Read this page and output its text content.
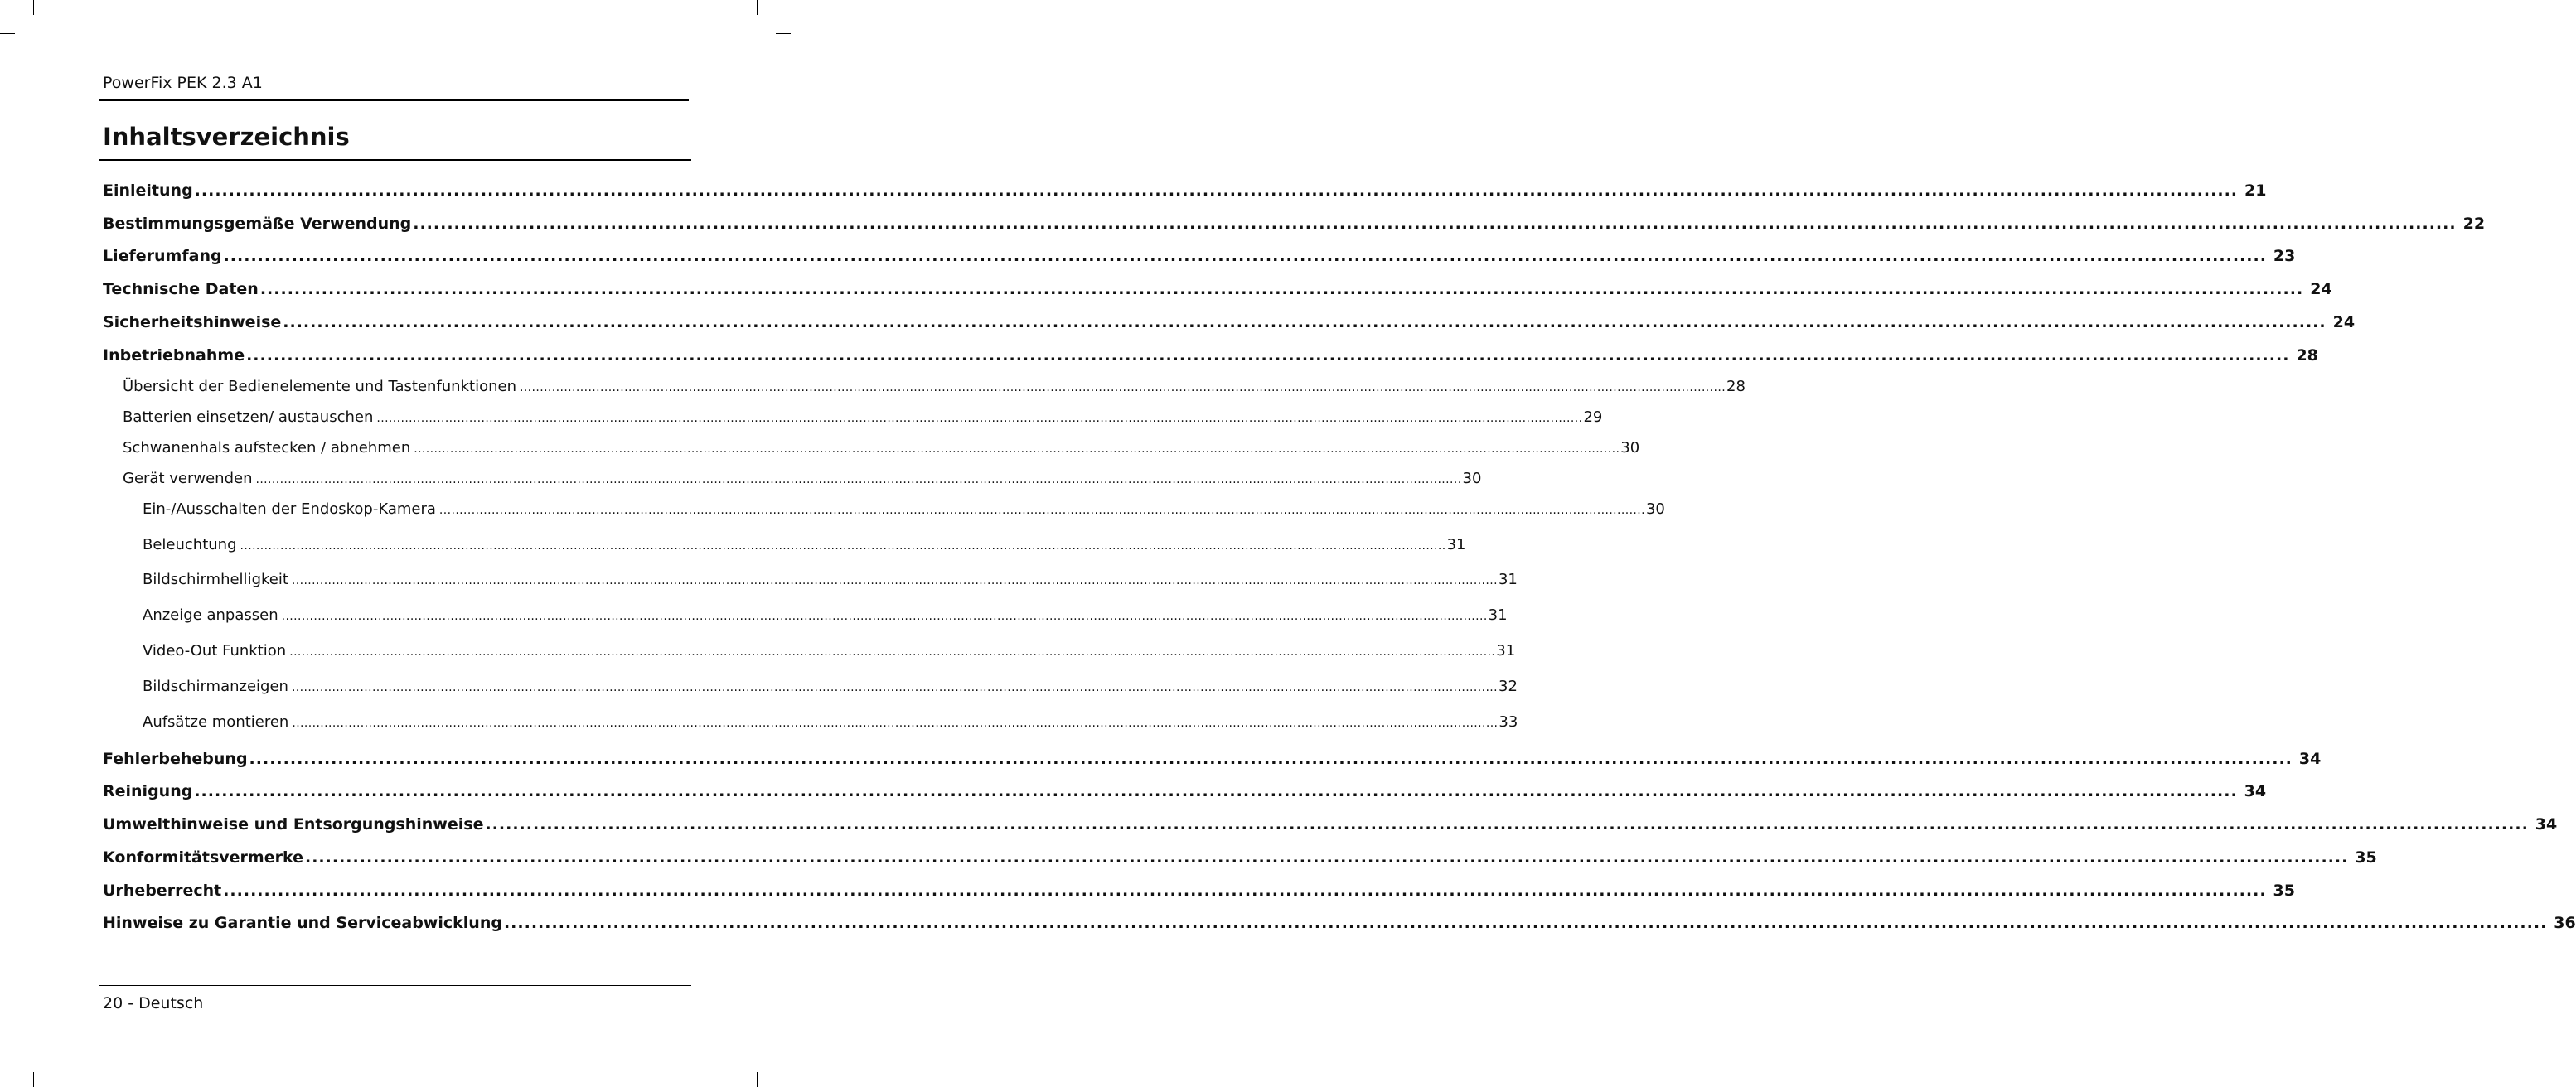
PowerFix PEK 2.3 A1
Inhaltsverzeichnis
Einleitung ............................................................................................................................................................................................................................................................................................................ 21
Bestimmungsgemäße Verwendung ............................................................................................................................................................................................................................................................................................................ 22
Lieferumfang ............................................................................................................................................................................................................................................................................................................ 23
Technische Daten ............................................................................................................................................................................................................................................................................................................ 24
Sicherheitshinweise ............................................................................................................................................................................................................................................................................................................ 24
Inbetriebnahme ............................................................................................................................................................................................................................................................................................................ 28
Übersicht der Bedienelemente und Tastenfunktionen ............................................................................................................................................................................................................................................................................................................ 28
Batterien einsetzen/ austauschen ............................................................................................................................................................................................................................................................................................................ 29
Schwanenhals aufstecken / abnehmen ............................................................................................................................................................................................................................................................................................................ 30
Gerät verwenden ............................................................................................................................................................................................................................................................................................................ 30
Ein-/Ausschalten der Endoskop-Kamera ............................................................................................................................................................................................................................................................................................................ 30
Beleuchtung ............................................................................................................................................................................................................................................................................................................ 31
Bildschirmhelligkeit ............................................................................................................................................................................................................................................................................................................ 31
Anzeige anpassen ............................................................................................................................................................................................................................................................................................................ 31
Video-Out Funktion ............................................................................................................................................................................................................................................................................................................ 31
Bildschirmanzeigen ............................................................................................................................................................................................................................................................................................................ 32
Aufsätze montieren ............................................................................................................................................................................................................................................................................................................ 33
Fehlerbehebung ............................................................................................................................................................................................................................................................................................................ 34
Reinigung ............................................................................................................................................................................................................................................................................................................ 34
Umwelthinweise und Entsorgungshinweise ............................................................................................................................................................................................................................................................................................................ 34
Konformitätsvermerke ............................................................................................................................................................................................................................................................................................................ 35
Urheberrecht ............................................................................................................................................................................................................................................................................................................ 35
Hinweise zu Garantie und Serviceabwicklung ............................................................................................................................................................................................................................................................................................................ 36
20 - Deutsch
